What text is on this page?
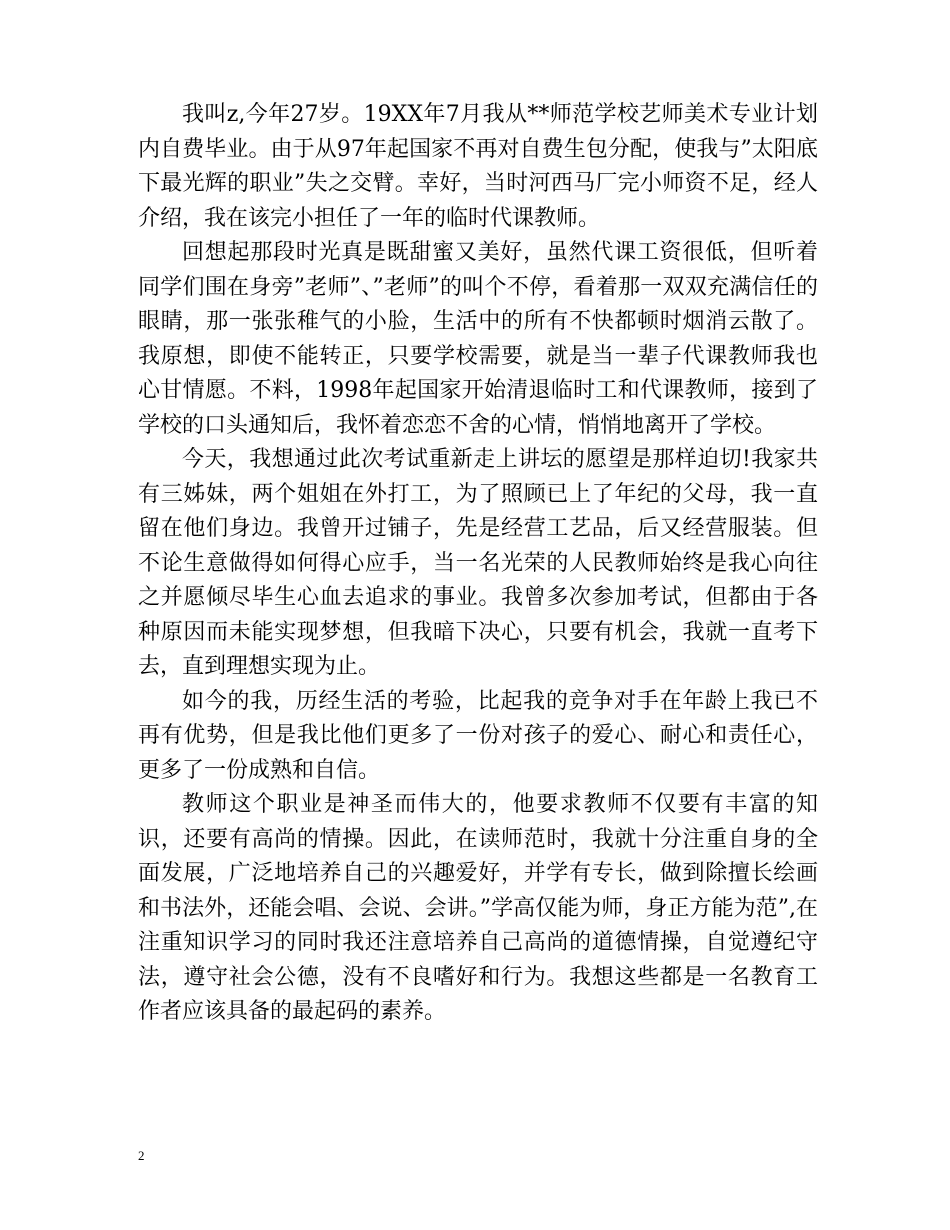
我叫z,今年27岁。19XX年7月我从**师范学校艺师美术专业计划内自费毕业。由于从97年起国家不再对自费生包分配，使我与”太阳底下最光辉的职业”失之交臂。幸好，当时河西马厂完小师资不足，经人介绍，我在该完小担任了一年的临时代课教师。

回想起那段时光真是既甜蜜又美好，虽然代课工资很低，但听着同学们围在身旁”老师”、”老师”的叫个不停，看着那一双双充满信任的眼睛，那一张张稚气的小脸，生活中的所有不快都顿时烟消云散了。我原想，即使不能转正，只要学校需要，就是当一辈子代课教师我也心甘情愿。不料，1998年起国家开始清退临时工和代课教师，接到了学校的口头通知后，我怀着恋恋不舍的心情，悄悄地离开了学校。

今天，我想通过此次考试重新走上讲坛的愿望是那样迫切!我家共有三姊妹，两个姐姐在外打工，为了照顾已上了年纪的父母，我一直留在他们身边。我曾开过铺子，先是经营工艺品，后又经营服装。但不论生意做得如何得心应手，当一名光荣的人民教师始终是我心向往之并愿倾尽毕生心血去追求的事业。我曾多次参加考试，但都由于各种原因而未能实现梦想，但我暗下决心，只要有机会，我就一直考下去，直到理想实现为止。

如今的我，历经生活的考验，比起我的竞争对手在年龄上我已不再有优势，但是我比他们更多了一份对孩子的爱心、耐心和责任心，更多了一份成熟和自信。

教师这个职业是神圣而伟大的，他要求教师不仅要有丰富的知识，还要有高尚的情操。因此，在读师范时，我就十分注重自身的全面发展，广泛地培养自己的兴趣爱好，并学有专长，做到除擅长绘画和书法外，还能会唱、会说、会讲。”学高仅能为师，身正方能为范”,在注重知识学习的同时我还注意培养自己高尚的道德情操，自觉遵纪守法，遵守社会公德，没有不良嗜好和行为。我想这些都是一名教育工作者应该具备的最起码的素养。

2
